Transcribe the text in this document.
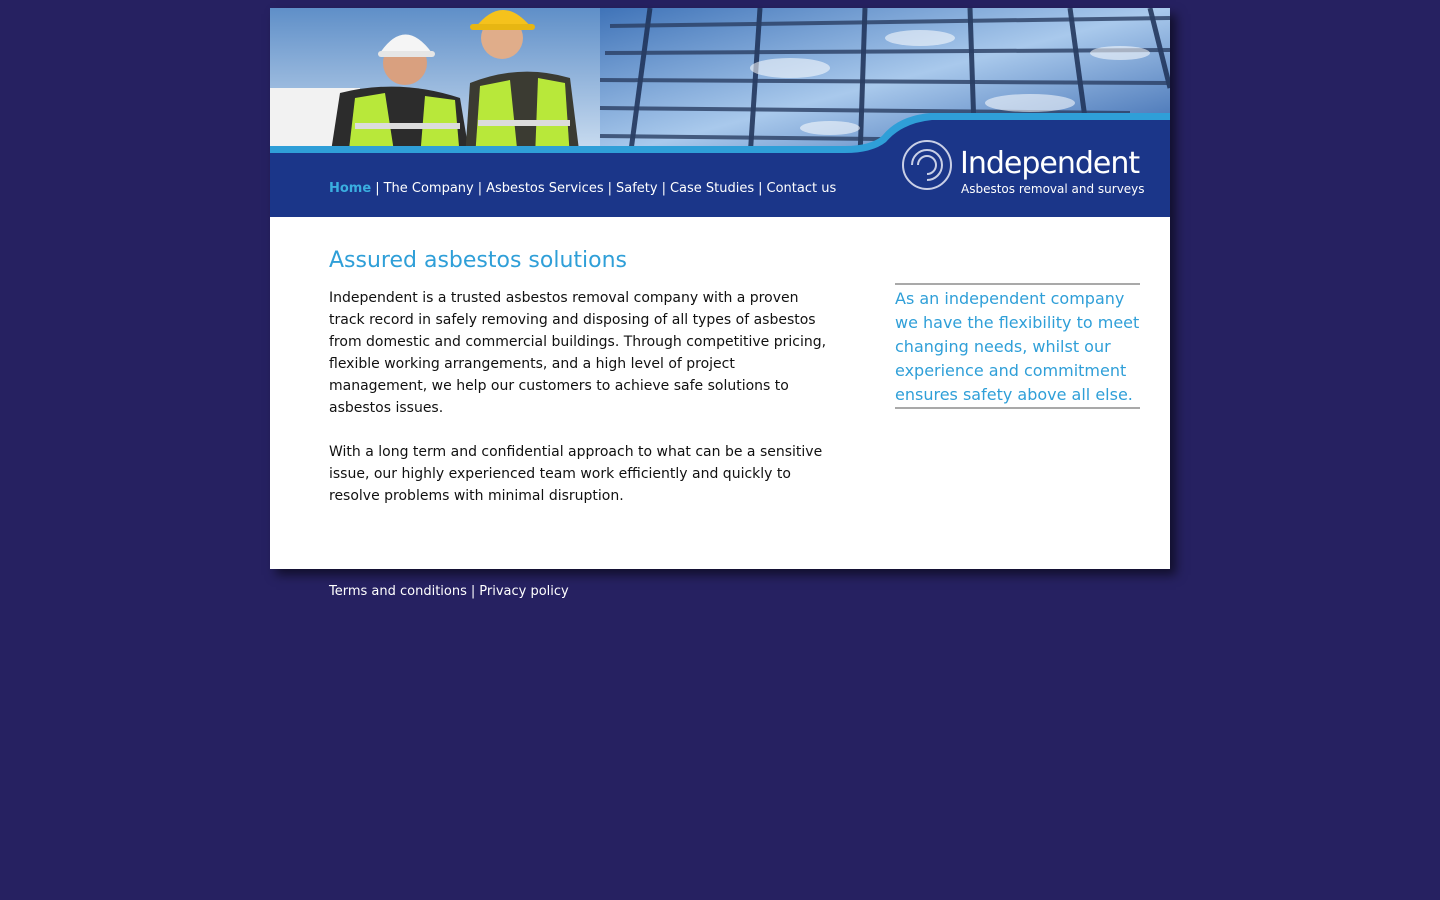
Home | The Company | Asbestos Services | Safety | Case Studies | Contact us
Independent
Asbestos removal and surveys
Assured asbestos solutions

Independent is a trusted asbestos removal company with a proven track record in safely removing and disposing of all types of asbestos from domestic and commercial buildings. Through competitive pricing, flexible working arrangements, and a high level of project management, we help our customers to achieve safe solutions to asbestos issues.

With a long term and confidential approach to what can be a sensitive issue, our highly experienced team work efficiently and quickly to resolve problems with minimal disruption.

As an independent company we have the flexibility to meet changing needs, whilst our experience and commitment ensures safety above all else.
Terms and conditions | Privacy policy
